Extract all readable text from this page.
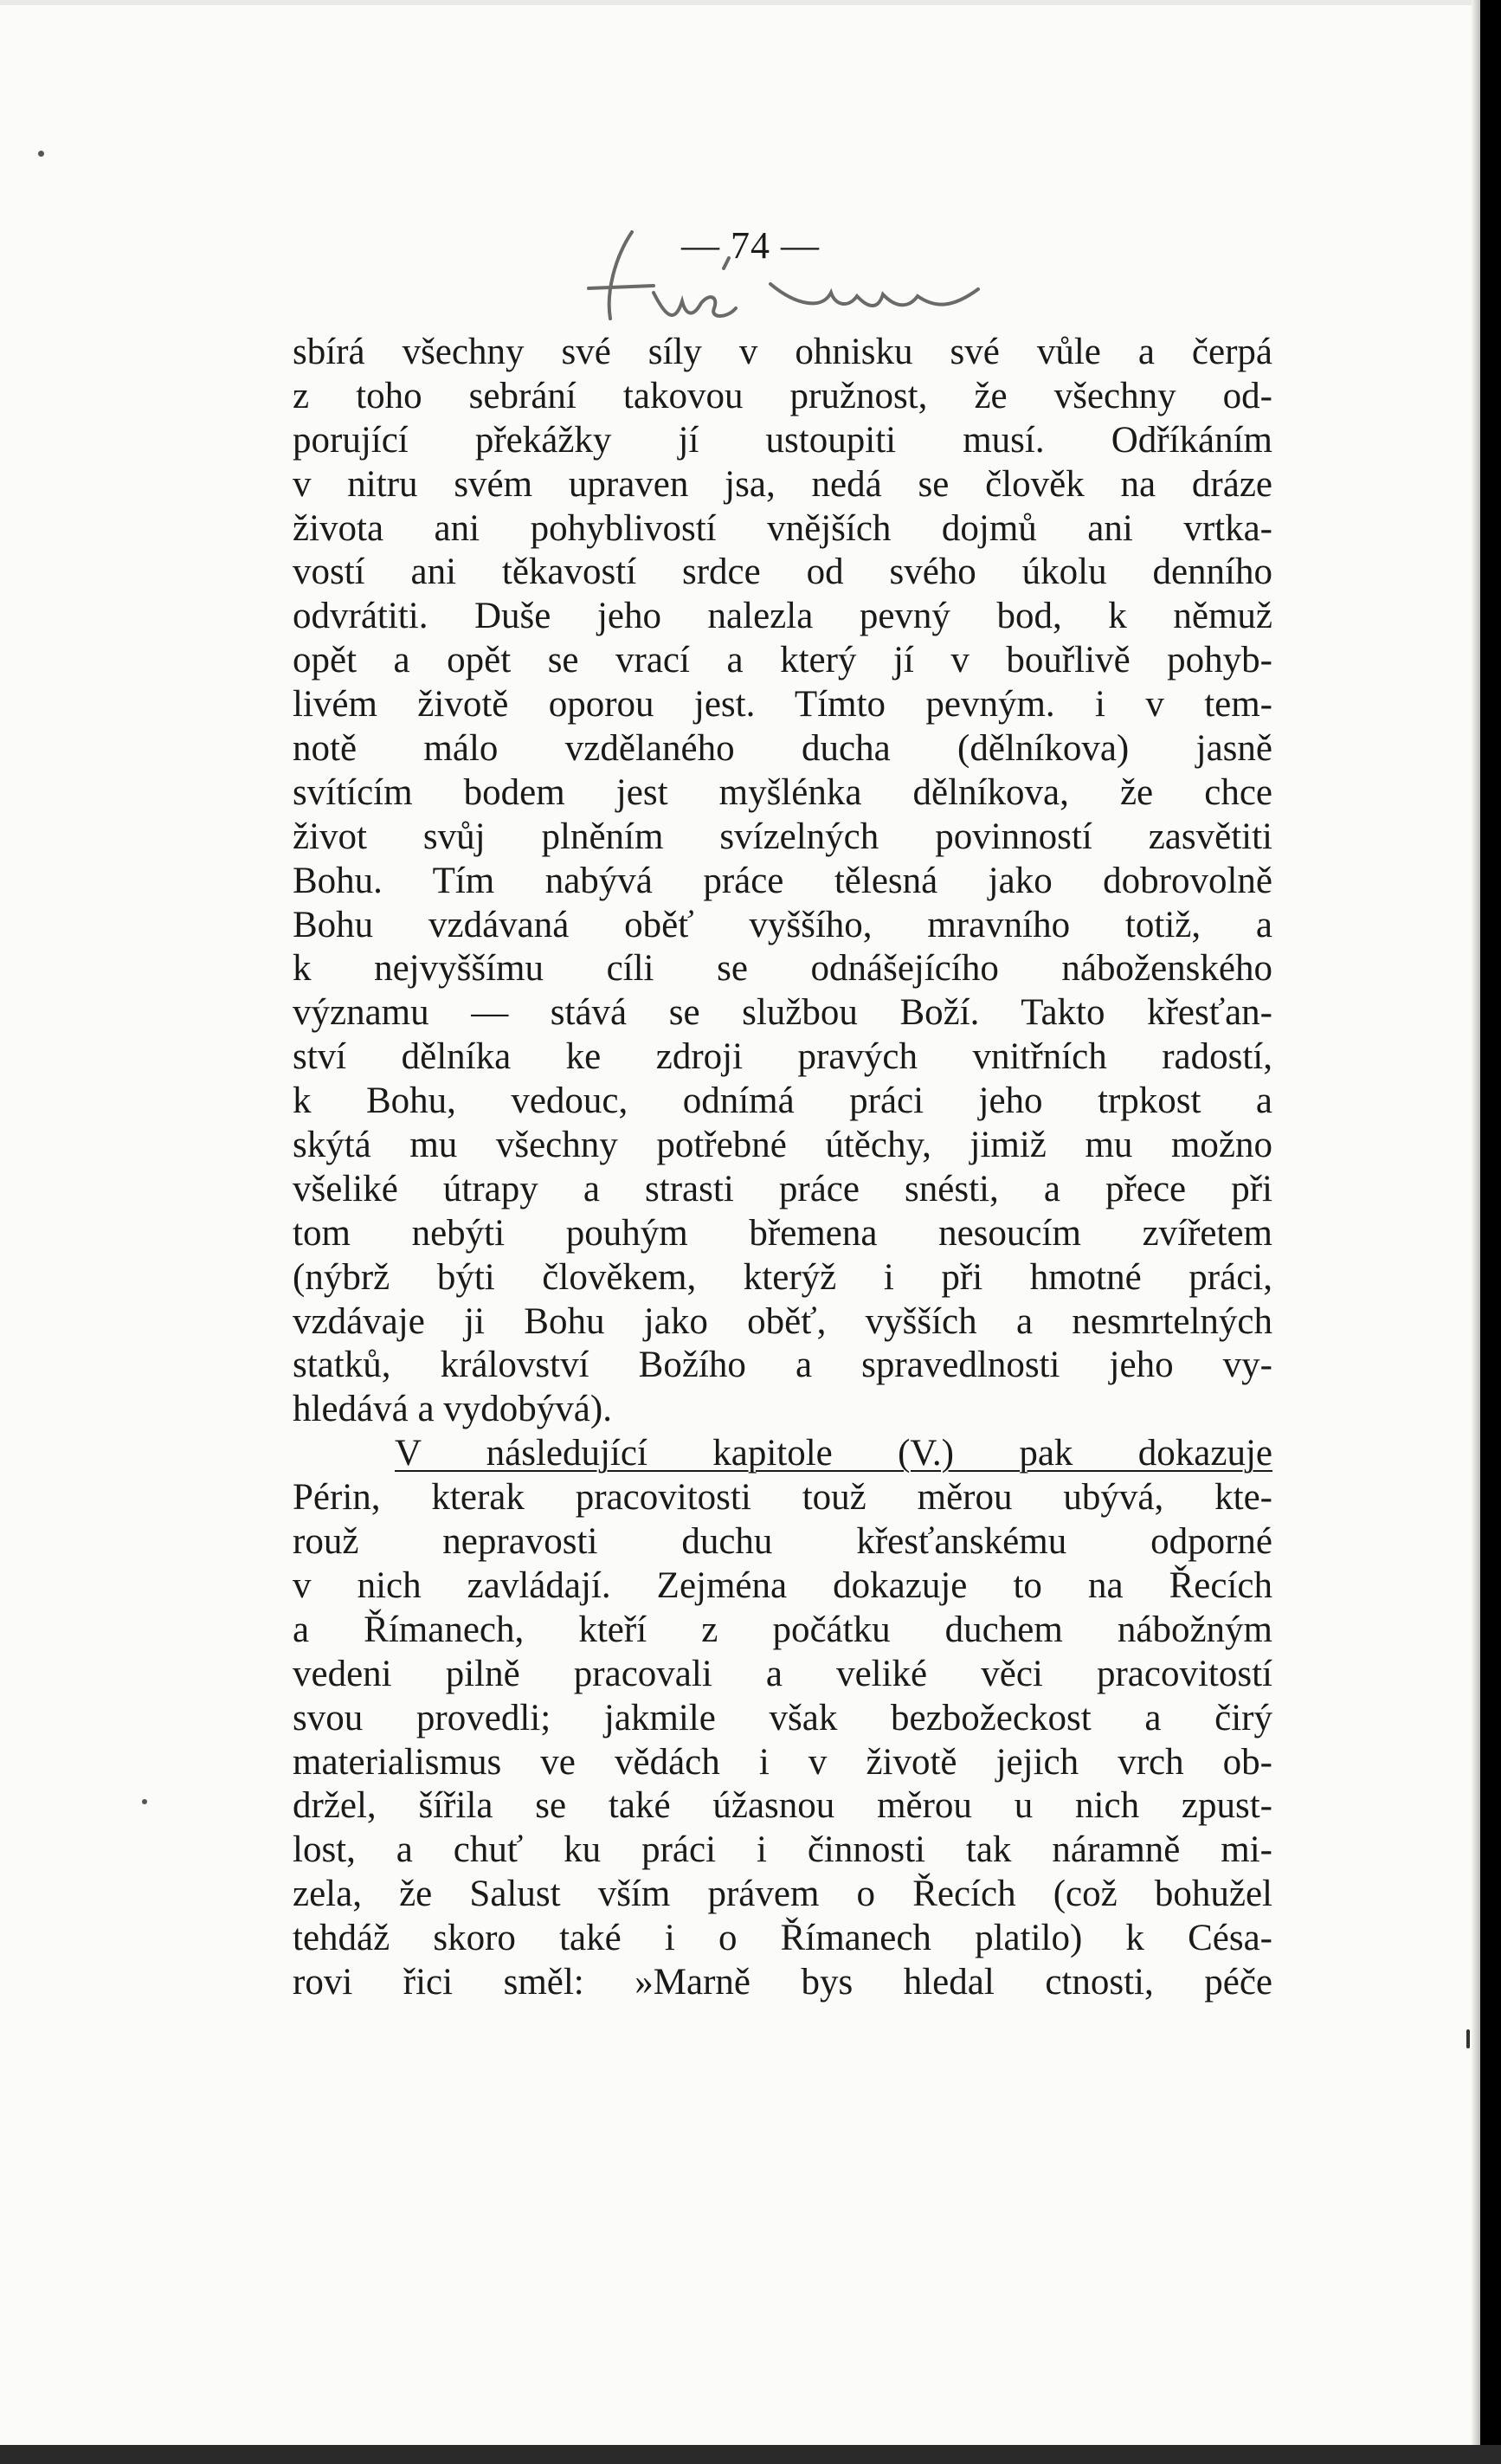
— 74 —
sbírá všechny své síly v ohnisku své vůle a čerpá
z toho sebrání takovou pružnost, že všechny od-
porující překážky jí ustoupiti musí. Odříkáním
v nitru svém upraven jsa, nedá se člověk na dráze
života ani pohyblivostí vnějších dojmů ani vrtka-
vostí ani těkavostí srdce od svého úkolu denního
odvrátiti. Duše jeho nalezla pevný bod, k němuž
opět a opět se vrací a který jí v bouřlivě pohyb-
livém životě oporou jest. Tímto pevným. i v tem-
notě málo vzdělaného ducha (dělníkova) jasně
svítícím bodem jest myšlénka dělníkova, že chce
život svůj plněním svízelných povinností zasvětiti
Bohu. Tím nabývá práce tělesná jako dobrovolně
Bohu vzdávaná oběť vyššího, mravního totiž, a
k nejvyššímu cíli se odnášejícího náboženského
významu — stává se službou Boží. Takto křesťan-
ství dělníka ke zdroji pravých vnitřních radostí,
k Bohu, vedouc, odnímá práci jeho trpkost a
skýtá mu všechny potřebné útěchy, jimiž mu možno
všeliké útrapy a strasti práce snésti, a přece při
tom nebýti pouhým břemena nesoucím zvířetem
(nýbrž býti člověkem, kterýž i při hmotné práci,
vzdávaje ji Bohu jako oběť, vyšších a nesmrtelných
statků, království Božího a spravedlnosti jeho vy-
hledává a vydobývá).
V následující kapitole (V.) pak dokazuje
Périn, kterak pracovitosti touž měrou ubývá, kte-
rouž nepravosti duchu křesťanskému odporné
v nich zavládají. Zejména dokazuje to na Řecích
a Římanech, kteří z počátku duchem nábožným
vedeni pilně pracovali a veliké věci pracovitostí
svou provedli; jakmile však bezbožeckost a čirý
materialismus ve vědách i v životě jejich vrch ob-
držel, šířila se také úžasnou měrou u nich zpust-
lost, a chuť ku práci i činnosti tak náramně mi-
zela, že Salust vším právem o Řecích (což bohužel
tehdáž skoro také i o Římanech platilo) k Césa-
rovi řici směl: »Marně bys hledal ctnosti, péče
